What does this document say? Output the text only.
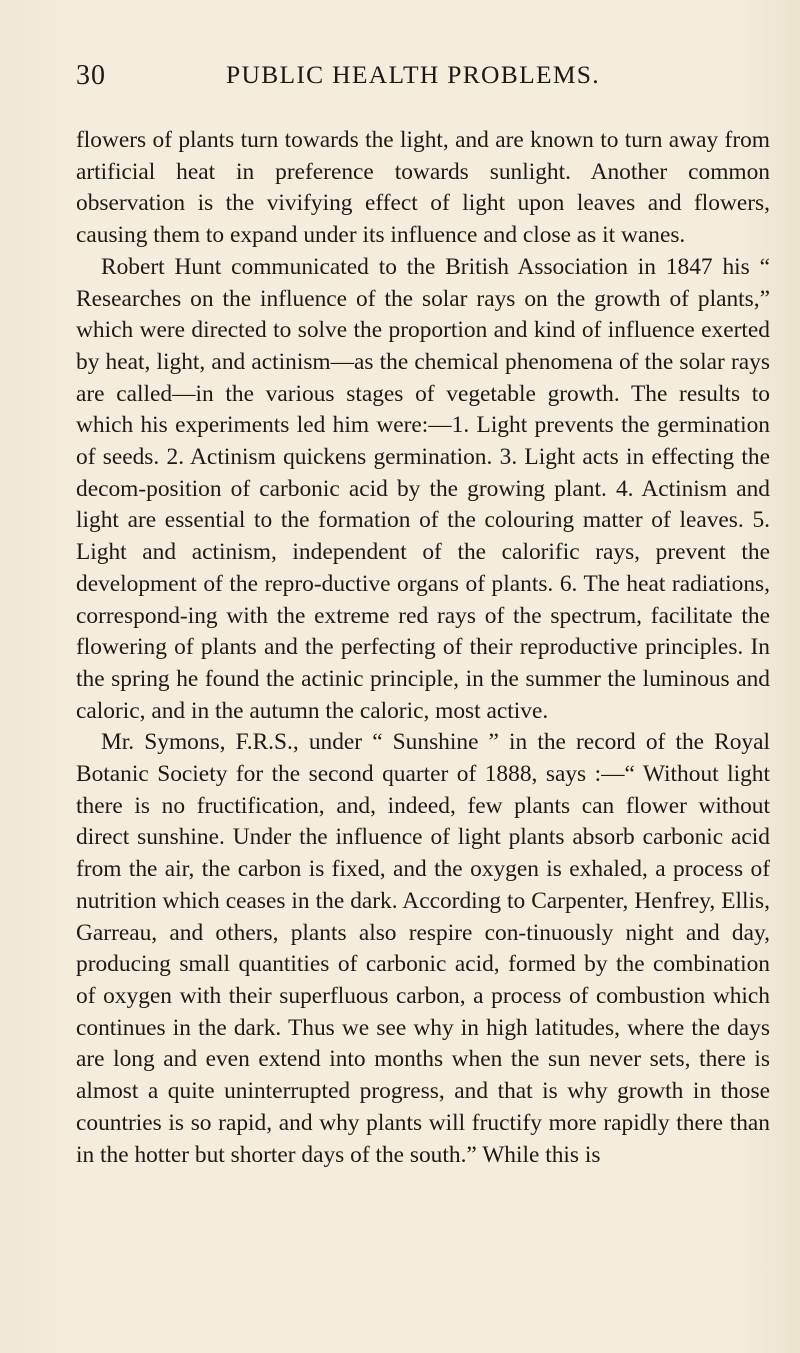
30	PUBLIC HEALTH PROBLEMS.

flowers of plants turn towards the light, and are known to turn away from artificial heat in preference towards sunlight. Another common observation is the vivifying effect of light upon leaves and flowers, causing them to expand under its influence and close as it wanes.

Robert Hunt communicated to the British Association in 1847 his “ Researches on the influence of the solar rays on the growth of plants,” which were directed to solve the proportion and kind of influence exerted by heat, light, and actinism—as the chemical phenomena of the solar rays are called—in the various stages of vegetable growth. The results to which his experiments led him were:—1. Light prevents the germination of seeds. 2. Actinism quickens germination. 3. Light acts in effecting the decom-position of carbonic acid by the growing plant. 4. Actinism and light are essential to the formation of the colouring matter of leaves. 5. Light and actinism, independent of the calorific rays, prevent the development of the repro-ductive organs of plants. 6. The heat radiations, correspond-ing with the extreme red rays of the spectrum, facilitate the flowering of plants and the perfecting of their reproductive principles. In the spring he found the actinic principle, in the summer the luminous and caloric, and in the autumn the caloric, most active.

Mr. Symons, F.R.S., under “ Sunshine ” in the record of the Royal Botanic Society for the second quarter of 1888, says :—“ Without light there is no fructification, and, indeed, few plants can flower without direct sunshine. Under the influence of light plants absorb carbonic acid from the air, the carbon is fixed, and the oxygen is exhaled, a process of nutrition which ceases in the dark. According to Carpenter, Henfrey, Ellis, Garreau, and others, plants also respire con-tinuously night and day, producing small quantities of carbonic acid, formed by the combination of oxygen with their superfluous carbon, a process of combustion which continues in the dark. Thus we see why in high latitudes, where the days are long and even extend into months when the sun never sets, there is almost a quite uninterrupted progress, and that is why growth in those countries is so rapid, and why plants will fructify more rapidly there than in the hotter but shorter days of the south.” While this is
